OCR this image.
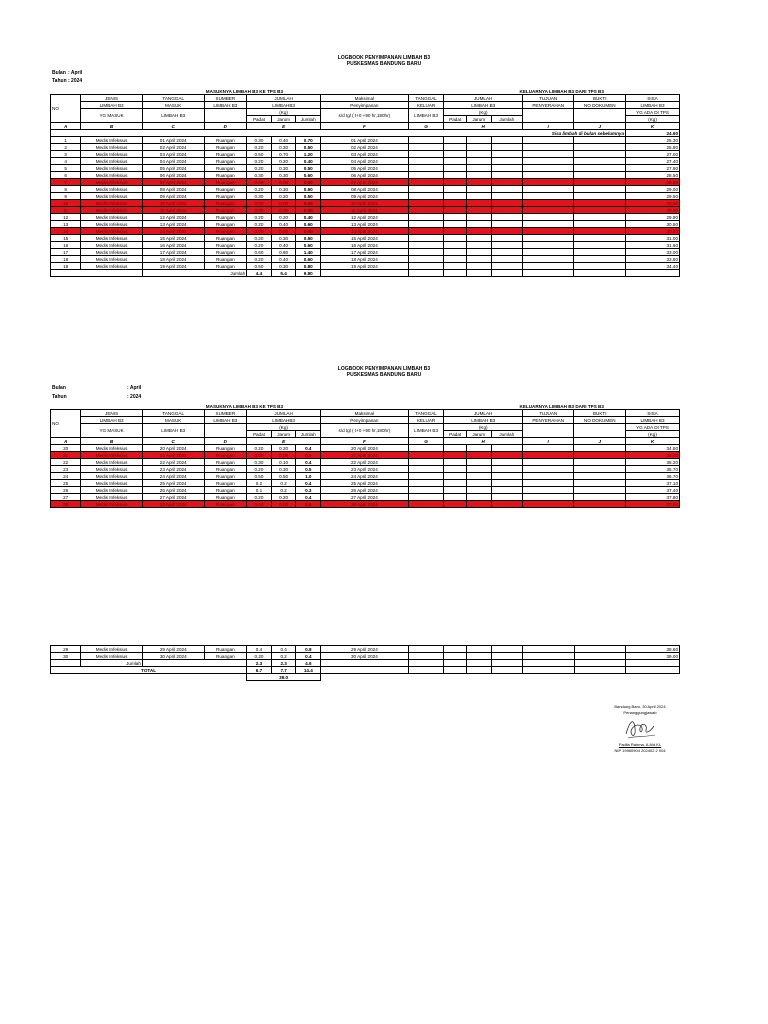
LOGBOOK PENYIMPANAN LIMBAH B3
PUSKESMAS BANDUNG BARU
Bulan : April
Tahun: 2024
	MASUKNYA LIMBAH B3 KE TPS B3								KELUARNYA LIMBAH B3 DARI TPS B3					
NO	JENIS	TANGGAL	SUMBER	JUMLAH			Maksimal	TANGGAL	JUMLAH			TUJUAN	BUKTI	SISA
	LIMBAH B3	MASUK	LIMBAH B3	LIMBAHB3			Penyimpanan	KELUAR	LIMBAH B3			PENYERAHAN	NO DOKUMEN	LIMBAH B3
	YG MASUK	LIMBAH B3		(Kg)			s/d tgl ( t+0 +90 hr,180hr)	LIMBAH B3	(Kg)					YG ADA DI TPS
				Padat	Jarum	Jumlah			Padat	Jarum	Jumlah			(Kg)
A	B	C	D	E			F	G	H			I	J	K

Sisa limbah di bulan sebelumnya														24.60
1	Medis Infeksius	01 April 2024	Ruangan	0.30	0.40	0.70	01 April 2024							25.30
2	Medis Infeksius	02 April 2024	Ruangan	0.20	0.30	0.50	02 April 2024							25.80
3	Medis Infeksius	03 April 2024	Ruangan	0.50	0.70	1.20	03 April 2024							27.00
4	Medis Infeksius	04 April 2024	Ruangan	0.20	0.20	0.40	04 April 2024							27.40
5	Medis Infeksius	05 April 2024	Ruangan	0.20	0.30	0.50	05 April 2024							27.90
6	Medis Infeksius	06 April 2024	Ruangan	0.30	0.30	0.60	06 April 2024							28.50
7	Medis Infeksius	07 April 2024	Ruangan	0.00	0.00	0.00	07 April 2024							28.50
8	Medis Infeksius	08 April 2024	Ruangan	0.20	0.30	0.50	08 April 2024							29.00
9	Medis Infeksius	09 April 2024	Ruangan	0.30	0.20	0.50	09 April 2024							29.50
10	Medis Infeksius	10 April 2024	Ruangan	0.00	0.00	0.00	10 April 2024							29.50
11	Medis Infeksius	11 April 2024	Ruangan	0.00	0.00	0.00	11 April 2024							29.50
12	Medis Infeksius	12 April 2024	Ruangan	0.20	0.20	0.40	12 April 2024							29.90
13	Medis Infeksius	13 April 2024	Ruangan	0.20	0.40	0.60	13 April 2024							30.50
14	Medis Infeksius	14 April 2024	Ruangan	0.00	0.00	0.00	14 April 2024							30.50
15	Medis Infeksius	15 April 2024	Ruangan	0.20	0.30	0.50	15 April 2024							31.00
16	Medis Infeksius	16 April 2024	Ruangan	0.20	0.40	0.60	16 April 2024							31.60
17	Medis Infeksius	17 April 2024	Ruangan	0.60	0.80	1.40	17 April 2024							33.00
18	Medis Infeksius	18 April 2024	Ruangan	0.20	0.40	0.60	18 April 2024							33.60
19	Medis Infeksius	19 April 2024	Ruangan	0.50	0.30	0.80	19 April 2024							34.40
		Jumlah		4.4	5.4	9.80								
LOGBOOK PENYIMPANAN LIMBAH B3
PUSKESMAS BANDUNG BARU
Bulan	: April
Tahun	: 2024
	MASUKNYA LIMBAH B3 KE TPS B3								KELUARNYA LIMBAH B3 DARI TPS B3					
NO	JENIS	TANGGAL	SUMBER	JUMLAH			Maksimal	TANGGAL	JUMLAH			TUJUAN	BUKTI	SISA
	LIMBAH B3	MASUK	LIMBAH B3	LIMBAHB3			Penyimpanan	KELUAR	LIMBAH B3			PENYERAHAN	NO DOKUMEN	LIMBAH B3
	YG MASUK	LIMBAH B3		(Kg)			s/d tgl ( t+0 +90 hr,180hr)	LIMBAH B3	(Kg)					YG ADA DI TPS
				Padat	Jarum	Jumlah			Padat	Jarum	Jumlah			(Kg)
A	B	C	D	E			F	G	H			I	J	K
20	Medis Infeksius	20 April 2024	Ruangan	0.20	0.20	0.4	20 April 2024							34.80
21	Medis Infeksius	21 April 2024	Ruangan	0.00	0.00	0.0	21 April 2024							34.80
22	Medis Infeksius	22 April 2024	Ruangan	0.30	0.10	0.4	22 April 2024							35.20
23	Medis Infeksius	23 April 2024	Ruangan	0.20	0.30	0.5	23 April 2024							35.70
24	Medis Infeksius	24 April 2024	Ruangan	0.50	0.50	1.0	24 April 2024							36.70
25	Medis Infeksius	25 April 2024	Ruangan	0.2	0.2	0.4	25 April 2024							37.10
26	Medis Infeksius	26 April 2024	Ruangan	0.1	0.2	0.3	26 April 2024							37.40
27	Medis Infeksius	27 April 2024	Ruangan	0.20	0.20	0.4	27 April 2024							37.80
28	Medis Infeksius	28 April 2024	Ruangan	0.00	0.00	0.0	28 April 2024							37.80
29	Medis Infeksius	29 April 2024	Ruangan	0.4	0.4	0.8	29 April 2024							38.60
30	Medis Infeksius	30 April 2024	Ruangan	0.20	0.2	0.4	30 April 2024							39.00
	Jumlah			2.3	2.3	4.6								
TOTAL				6.7	7.7	14.4								
				39.0										
Bandung Baru, 30 April 2024
Penanggungjawab
Fadila Rahma, A.Md.KL
NIP 19960904 202402 2 004
